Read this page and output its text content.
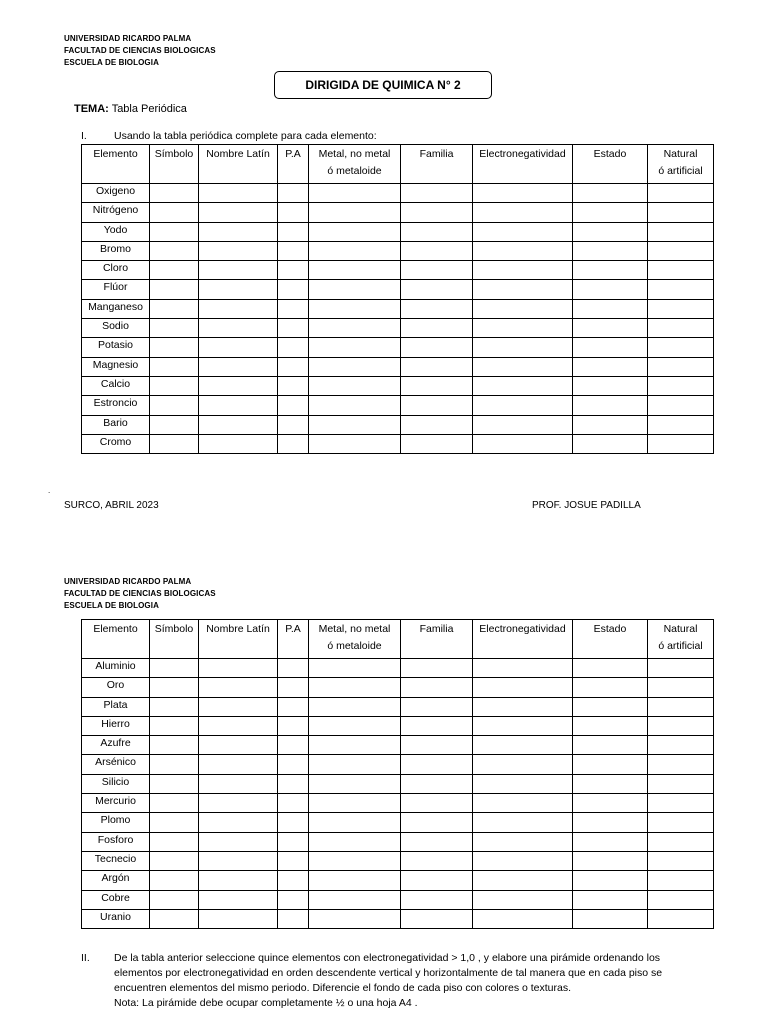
UNIVERSIDAD RICARDO PALMA
FACULTAD DE CIENCIAS BIOLOGICAS
ESCUELA DE BIOLOGIA
DIRIGIDA DE QUIMICA N° 2
TEMA: Tabla Periódica
I.	Usando la tabla periódica complete para cada elemento:
Elemento	Símbolo	Nombre Latín	P.A	Metal, no metal
ó metaloide	Familia	Electronegatividad	Estado	Natural
ó artificial
Oxigeno								
Nitrógeno								
Yodo								
Bromo								
Cloro								
Flúor								
Manganeso								
Sodio								
Potasio								
Magnesio								
Calcio								
Estroncio								
Bario								
Cromo								
.
SURCO, ABRIL 2023	PROF. JOSUE PADILLA
UNIVERSIDAD RICARDO PALMA
FACULTAD DE CIENCIAS BIOLOGICAS
ESCUELA DE BIOLOGIA
Elemento	Símbolo	Nombre Latín	P.A	Metal, no metal
ó metaloide	Familia	Electronegatividad	Estado	Natural
ó artificial
Aluminio								
Oro								
Plata								
Hierro								
Azufre								
Arsénico								
Silicio								
Mercurio								
Plomo								
Fosforo								
Tecnecio								
Argón								
Cobre								
Uranio								
II. De la tabla anterior seleccione quince elementos con electronegatividad > 1,0 , y elabore una pirámide ordenando los
elementos por electronegatividad en orden descendente vertical y horizontalmente de tal manera que en cada piso se
encuentren elementos del mismo periodo. Diferencie el fondo de cada piso con colores o texturas.
Nota: La pirámide debe ocupar completamente ½ o una hoja A4 .
